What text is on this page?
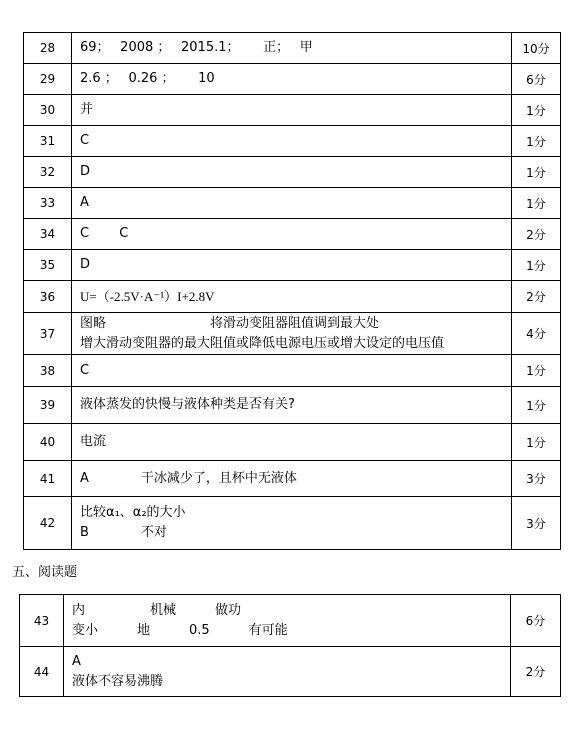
28	69；　 2008 ；　 2015.1；　　 正；　 甲	10分
29	2.6 ；　 0.26 ；　　 10	6分
30	并	1分
31	C	1分
32	D	1分
33	A	1分
34	C　　 C	2分
35	D	1分
36	U=（-2.5V·A⁻¹）I+2.8V	2分
37	图略　　　　　　　　将滑动变阻器阻值调到最大处
增大滑动变阻器的最大阻值或降低电源电压或增大设定的电压值	4分
38	C	1分
39	液体蒸发的快慢与液体种类是否有关?	1分
40	电流	1分
41	A　　　　干冰减少了，且杯中无液体	3分
42	比较α₁、α₂的大小
B　　　　不对	3分
五、阅读题
43	内　　　　　机械　　　做功
变小　　　地　　　0.5　　　有可能	6分
44	A
液体不容易沸腾	2分
